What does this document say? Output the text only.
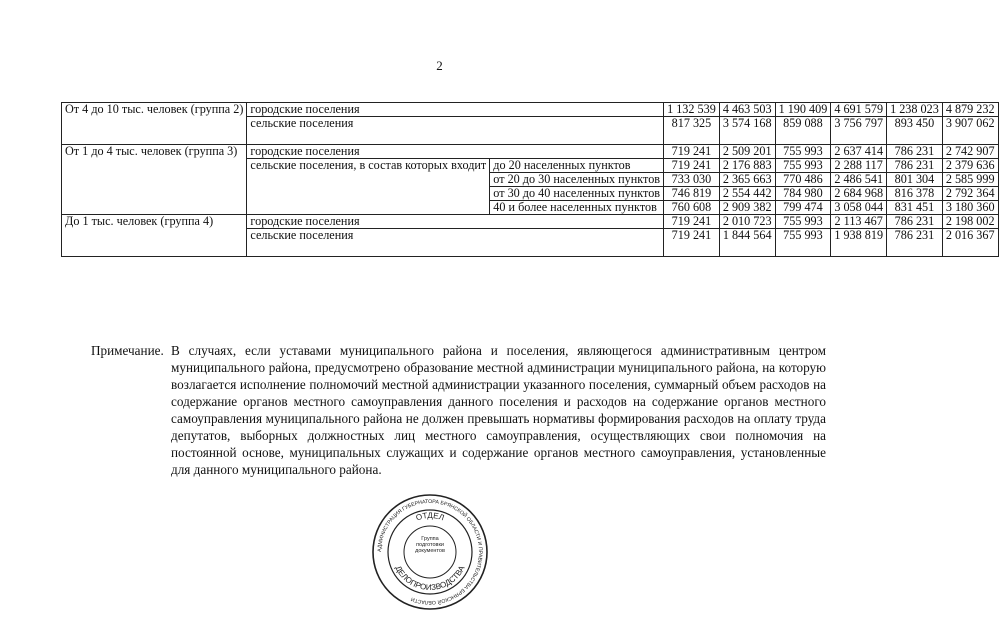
2
От 4 до 10 тыс. человек (группа 2)	городские поселения		1 132 539	4 463 503	1 190 409	4 691 579	1 238 023	4 879 232
	сельские поселения		817 325	3 574 168	859 088	3 756 797	893 450	3 907 062
От 1 до 4 тыс. человек (группа 3)	городские поселения		719 241	2 509 201	755 993	2 637 414	786 231	2 742 907
	сельские поселения, в состав которых входит	до 20 населенных пунктов	719 241	2 176 883	755 993	2 288 117	786 231	2 379 636
		от 20 до 30 населенных пунктов	733 030	2 365 663	770 486	2 486 541	801 304	2 585 999
		от 30 до 40 населенных пунктов	746 819	2 554 442	784 980	2 684 968	816 378	2 792 364
		40 и более населенных пунктов	760 608	2 909 382	799 474	3 058 044	831 451	3 180 360
До 1 тыс. человек (группа 4)	городские поселения		719 241	2 010 723	755 993	2 113 467	786 231	2 198 002
	сельские поселения		719 241	1 844 564	755 993	1 938 819	786 231	2 016 367
Примечание. В случаях, если уставами муниципального района и поселения, являющегося административным центром муниципального района, предусмотрено образование местной администрации муниципального района, на которую возлагается исполнение полномочий местной администрации указанного поселения, суммарный объем расходов на содержание органов местного самоуправления данного поселения и расходов на содержание органов местного самоуправления муниципального района не должен превышать нормативы формирования расходов на оплату труда депутатов, выборных должностных лиц местного самоуправления, осуществляющих свои полномочия на постоянной основе, муниципальных служащих и содержание органов местного самоуправления, установленные для данного муниципального района.
АДМИНИСТРАЦИЯ ГУБЕРНАТОРА БРЯНСКОЙ ОБЛАСТИ И ПРАВИТЕЛЬСТВА БРЯНСКОЙ ОБЛАСТИ
ОТДЕЛ
ДЕЛОПРОИЗВОДСТВА
Группа подготовки документов
